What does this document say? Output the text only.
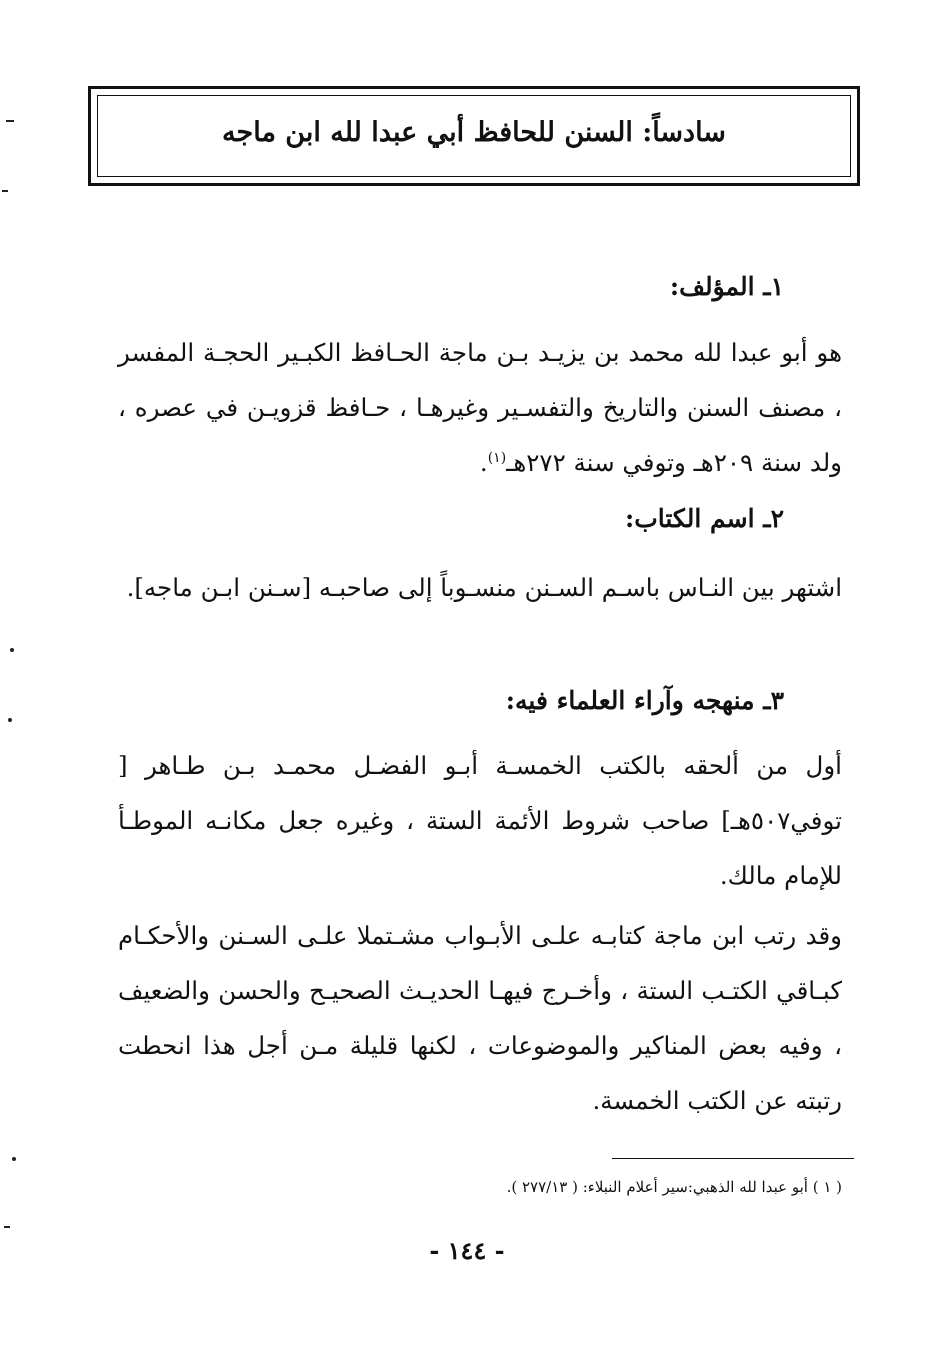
سادساً: السنن للحافظ أبي عبدا لله ابن ماجه
١ـ المؤلف:
هو أبو عبدا لله محمد بن يزيـد بـن ماجة الحـافظ الكبـير الحجـة المفسر ، مصنف السنن والتاريخ والتفسـير وغيرهـا ، حـافظ قزويـن في عصره ، ولد سنة ٢٠٩هـ وتوفي سنة ٢٧٢هـ$^{(١)}$.
٢ـ اسم الكتاب:
اشتهر بين النـاس باسـم السـنن منسـوباً إلى صاحبـه [سـنن ابـن ماجه].
٣ـ منهجه وآراء العلماء فيه:
أول من ألحقه بالكتب الخمسـة أبـو الفضـل محمـد بـن طـاهر [ توفي٥٠٧هـ] صاحب شروط الأئمة الستة ، وغيره جعل مكانـه الموطـأ للإمام مالك.
وقد رتب ابن ماجة كتابـه علـى الأبـواب مشـتملا علـى السـنن والأحكـام كبـاقي الكتـب الستة ، وأخـرج فيهـا الحديـث الصحيـح والحسن والضعيف ، وفيه بعض المناكير والموضوعات ، لكنها قليلة مـن أجل هذا انحطت رتبته عن الكتب الخمسة.
( ١ ) أبو عبدا لله الذهبي:سير أعلام النبلاء: ( ٢٧٧/١٣ ).
- ١٤٤ -
